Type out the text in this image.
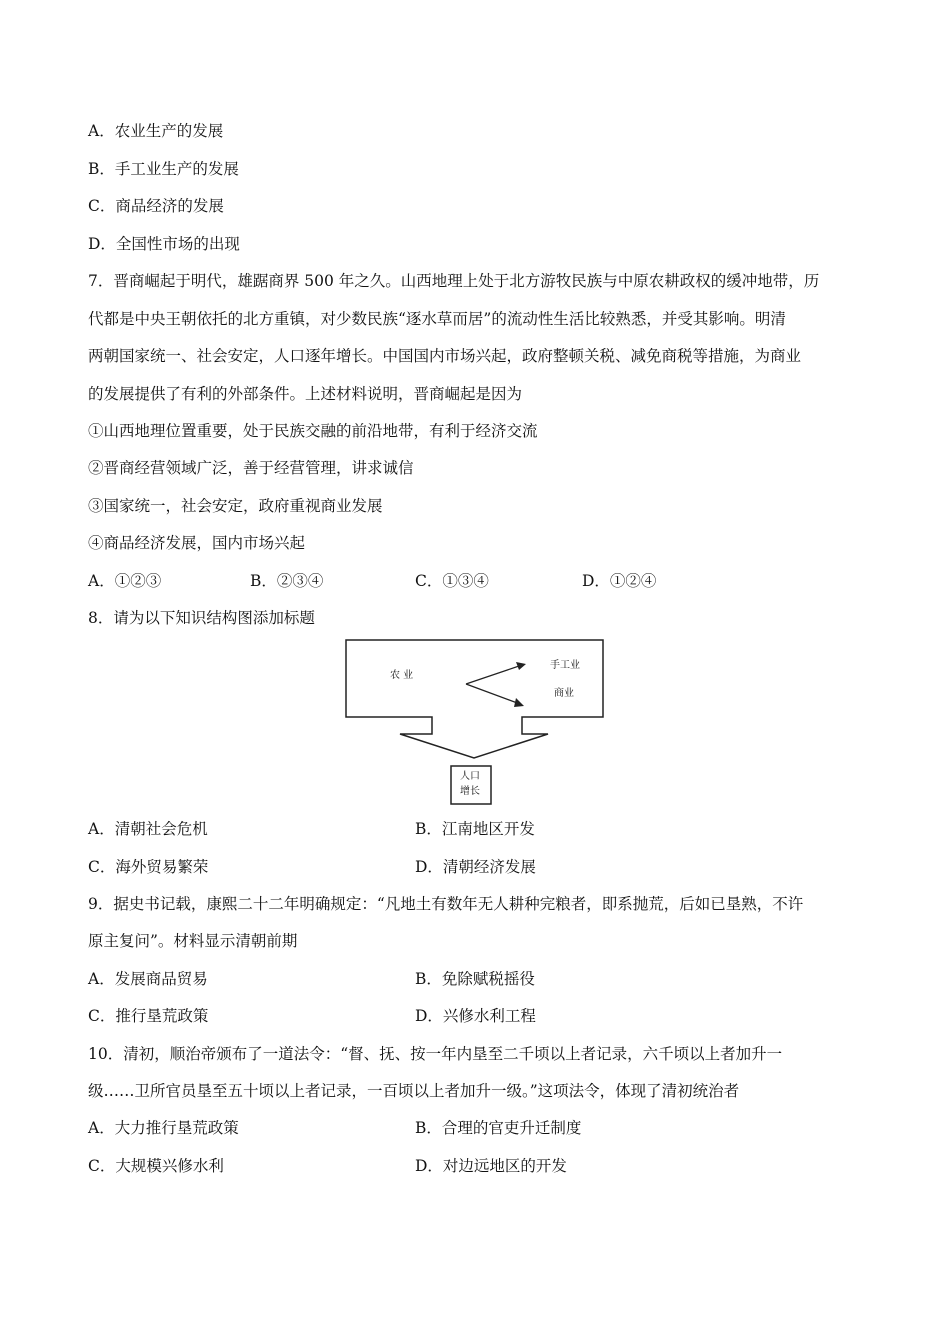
A．农业生产的发展
B．手工业生产的发展
C．商品经济的发展
D．全国性市场的出现
7．晋商崛起于明代，雄踞商界 500 年之久。山西地理上处于北方游牧民族与中原农耕政权的缓冲地带，历
代都是中央王朝依托的北方重镇，对少数民族“逐水草而居”的流动性生活比较熟悉，并受其影响。明清
两朝国家统一、社会安定，人口逐年增长。中国国内市场兴起，政府整顿关税、减免商税等措施，为商业
的发展提供了有利的外部条件。上述材料说明，晋商崛起是因为
①山西地理位置重要，处于民族交融的前沿地带，有利于经济交流
②晋商经营领域广泛，善于经营管理，讲求诚信
③国家统一，社会安定，政府重视商业发展
④商品经济发展，国内市场兴起
A．①②③	B．②③④	C．①③④	D．①②④
8．请为以下知识结构图添加标题
农 业
手工业
商业
人口
增长
A．清朝社会危机	B．江南地区开发
C．海外贸易繁荣	D．清朝经济发展
9．据史书记载，康熙二十二年明确规定：“凡地土有数年无人耕种完粮者，即系抛荒，后如已垦熟，不许
原主复问”。材料显示清朝前期
A．发展商品贸易	B．免除赋税摇役
C．推行垦荒政策	D．兴修水利工程
10．清初，顺治帝颁布了一道法令：“督、抚、按一年内垦至二千顷以上者记录，六千顷以上者加升一
级……卫所官员垦至五十顷以上者记录，一百顷以上者加升一级。”这项法令，体现了清初统治者
A．大力推行垦荒政策	B．合理的官吏升迁制度
C．大规模兴修水利	D．对边远地区的开发
